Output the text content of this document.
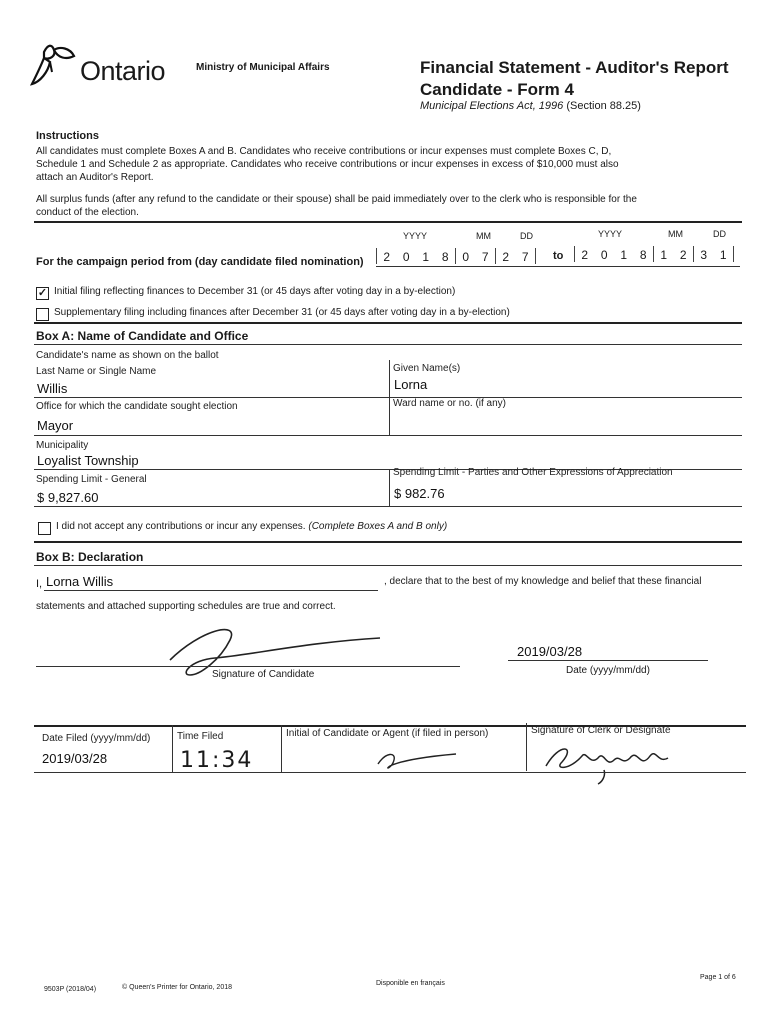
Ontario	Ministry of Municipal Affairs	Financial Statement - Auditor's Report
Candidate - Form 4
Municipal Elections Act, 1996 (Section 88.25)
Instructions
All candidates must complete Boxes A and B. Candidates who receive contributions or incur expenses must complete Boxes C, D,
Schedule 1 and Schedule 2 as appropriate. Candidates who receive contributions or incur expenses in excess of $10,000 must also
attach an Auditor's Report.
All surplus funds (after any refund to the candidate or their spouse) shall be paid immediately over to the clerk who is responsible for the
conduct of the election.
YYYY	MM	DD	YYYY	MM	DD
For the campaign period from (day candidate filed nomination)	2	0	1	8	0	7	2	7	to	2	0	1	8	1	2	3	1
✓ Initial filing reflecting finances to December 31 (or 45 days after voting day in a by-election)
Supplementary filing including finances after December 31 (or 45 days after voting day in a by-election)
Box A: Name of Candidate and Office
Candidate's name as shown on the ballot
Last Name or Single Name
Willis
Given Name(s)
Lorna
Office for which the candidate sought election
Mayor
Ward name or no. (if any)
Municipality
Loyalist Township
Spending Limit - General
$ 9,827.60
Spending Limit - Parties and Other Expressions of Appreciation
$ 982.76
I did not accept any contributions or incur any expenses. (Complete Boxes A and B only)
Box B: Declaration
I, Lorna Willis	, declare that to the best of my knowledge and belief that these financial
statements and attached supporting schedules are true and correct.
Signature of Candidate
2019/03/28
Date (yyyy/mm/dd)
Date Filed (yyyy/mm/dd)
2019/03/28
Time Filed
11:34
Initial of Candidate or Agent (if filed in person)	Signature of Clerk or Designate
9503P (2018/04)	© Queen's Printer for Ontario, 2018
Disponible en français
Page 1 of 6
